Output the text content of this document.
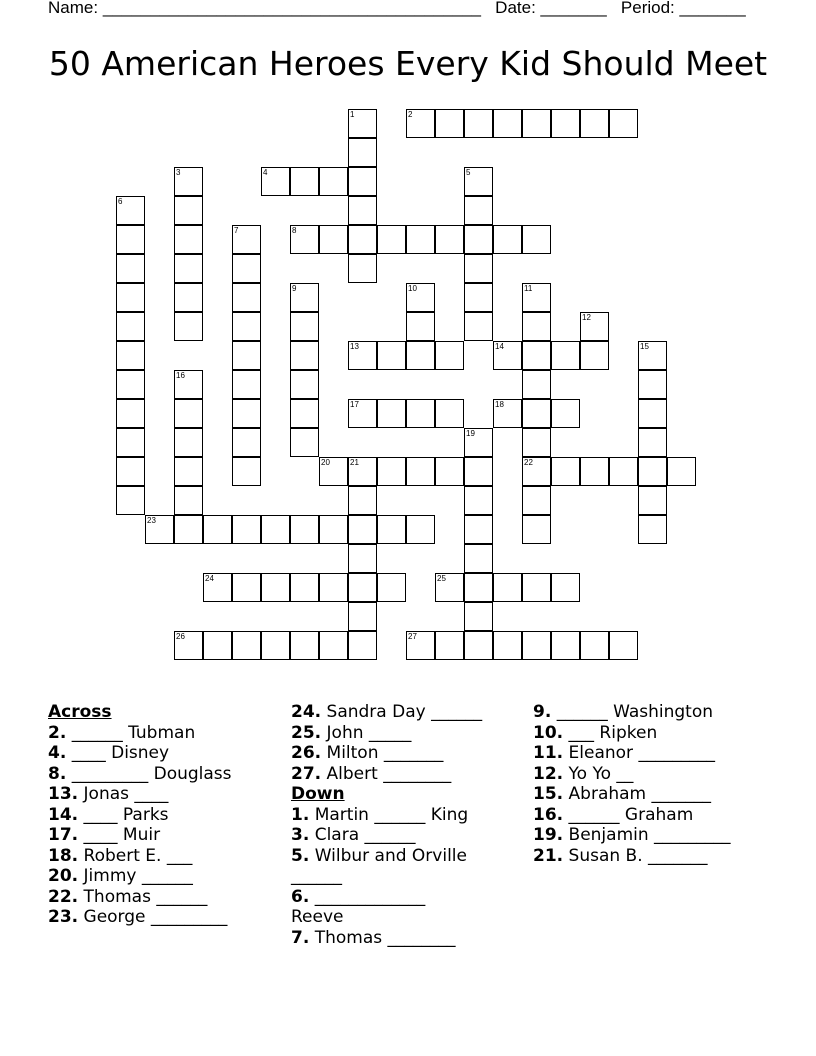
Name: ________________________________________ Date: _______ Period: _______
50 American Heroes Every Kid Should Meet
1	2
3	4	5
6
7	8
9	10	11
12
13	14	15
16
17	18
19
20	21	22
23
24	25
26	27
Across
2. ______ Tubman
4. ____ Disney
8. _________ Douglass
13. Jonas ____
14. ____ Parks
17. ____ Muir
18. Robert E. ___
20. Jimmy ______
22. Thomas ______
23. George _________
24. Sandra Day ______
25. John _____
26. Milton _______
27. Albert ________
Down
1. Martin ______ King
3. Clara ______
5. Wilbur and Orville
______
6. _____________
Reeve
7. Thomas ________
9. ______ Washington
10. ___ Ripken
11. Eleanor _________
12. Yo Yo __
15. Abraham _______
16. ______ Graham
19. Benjamin _________
21. Susan B. _______
